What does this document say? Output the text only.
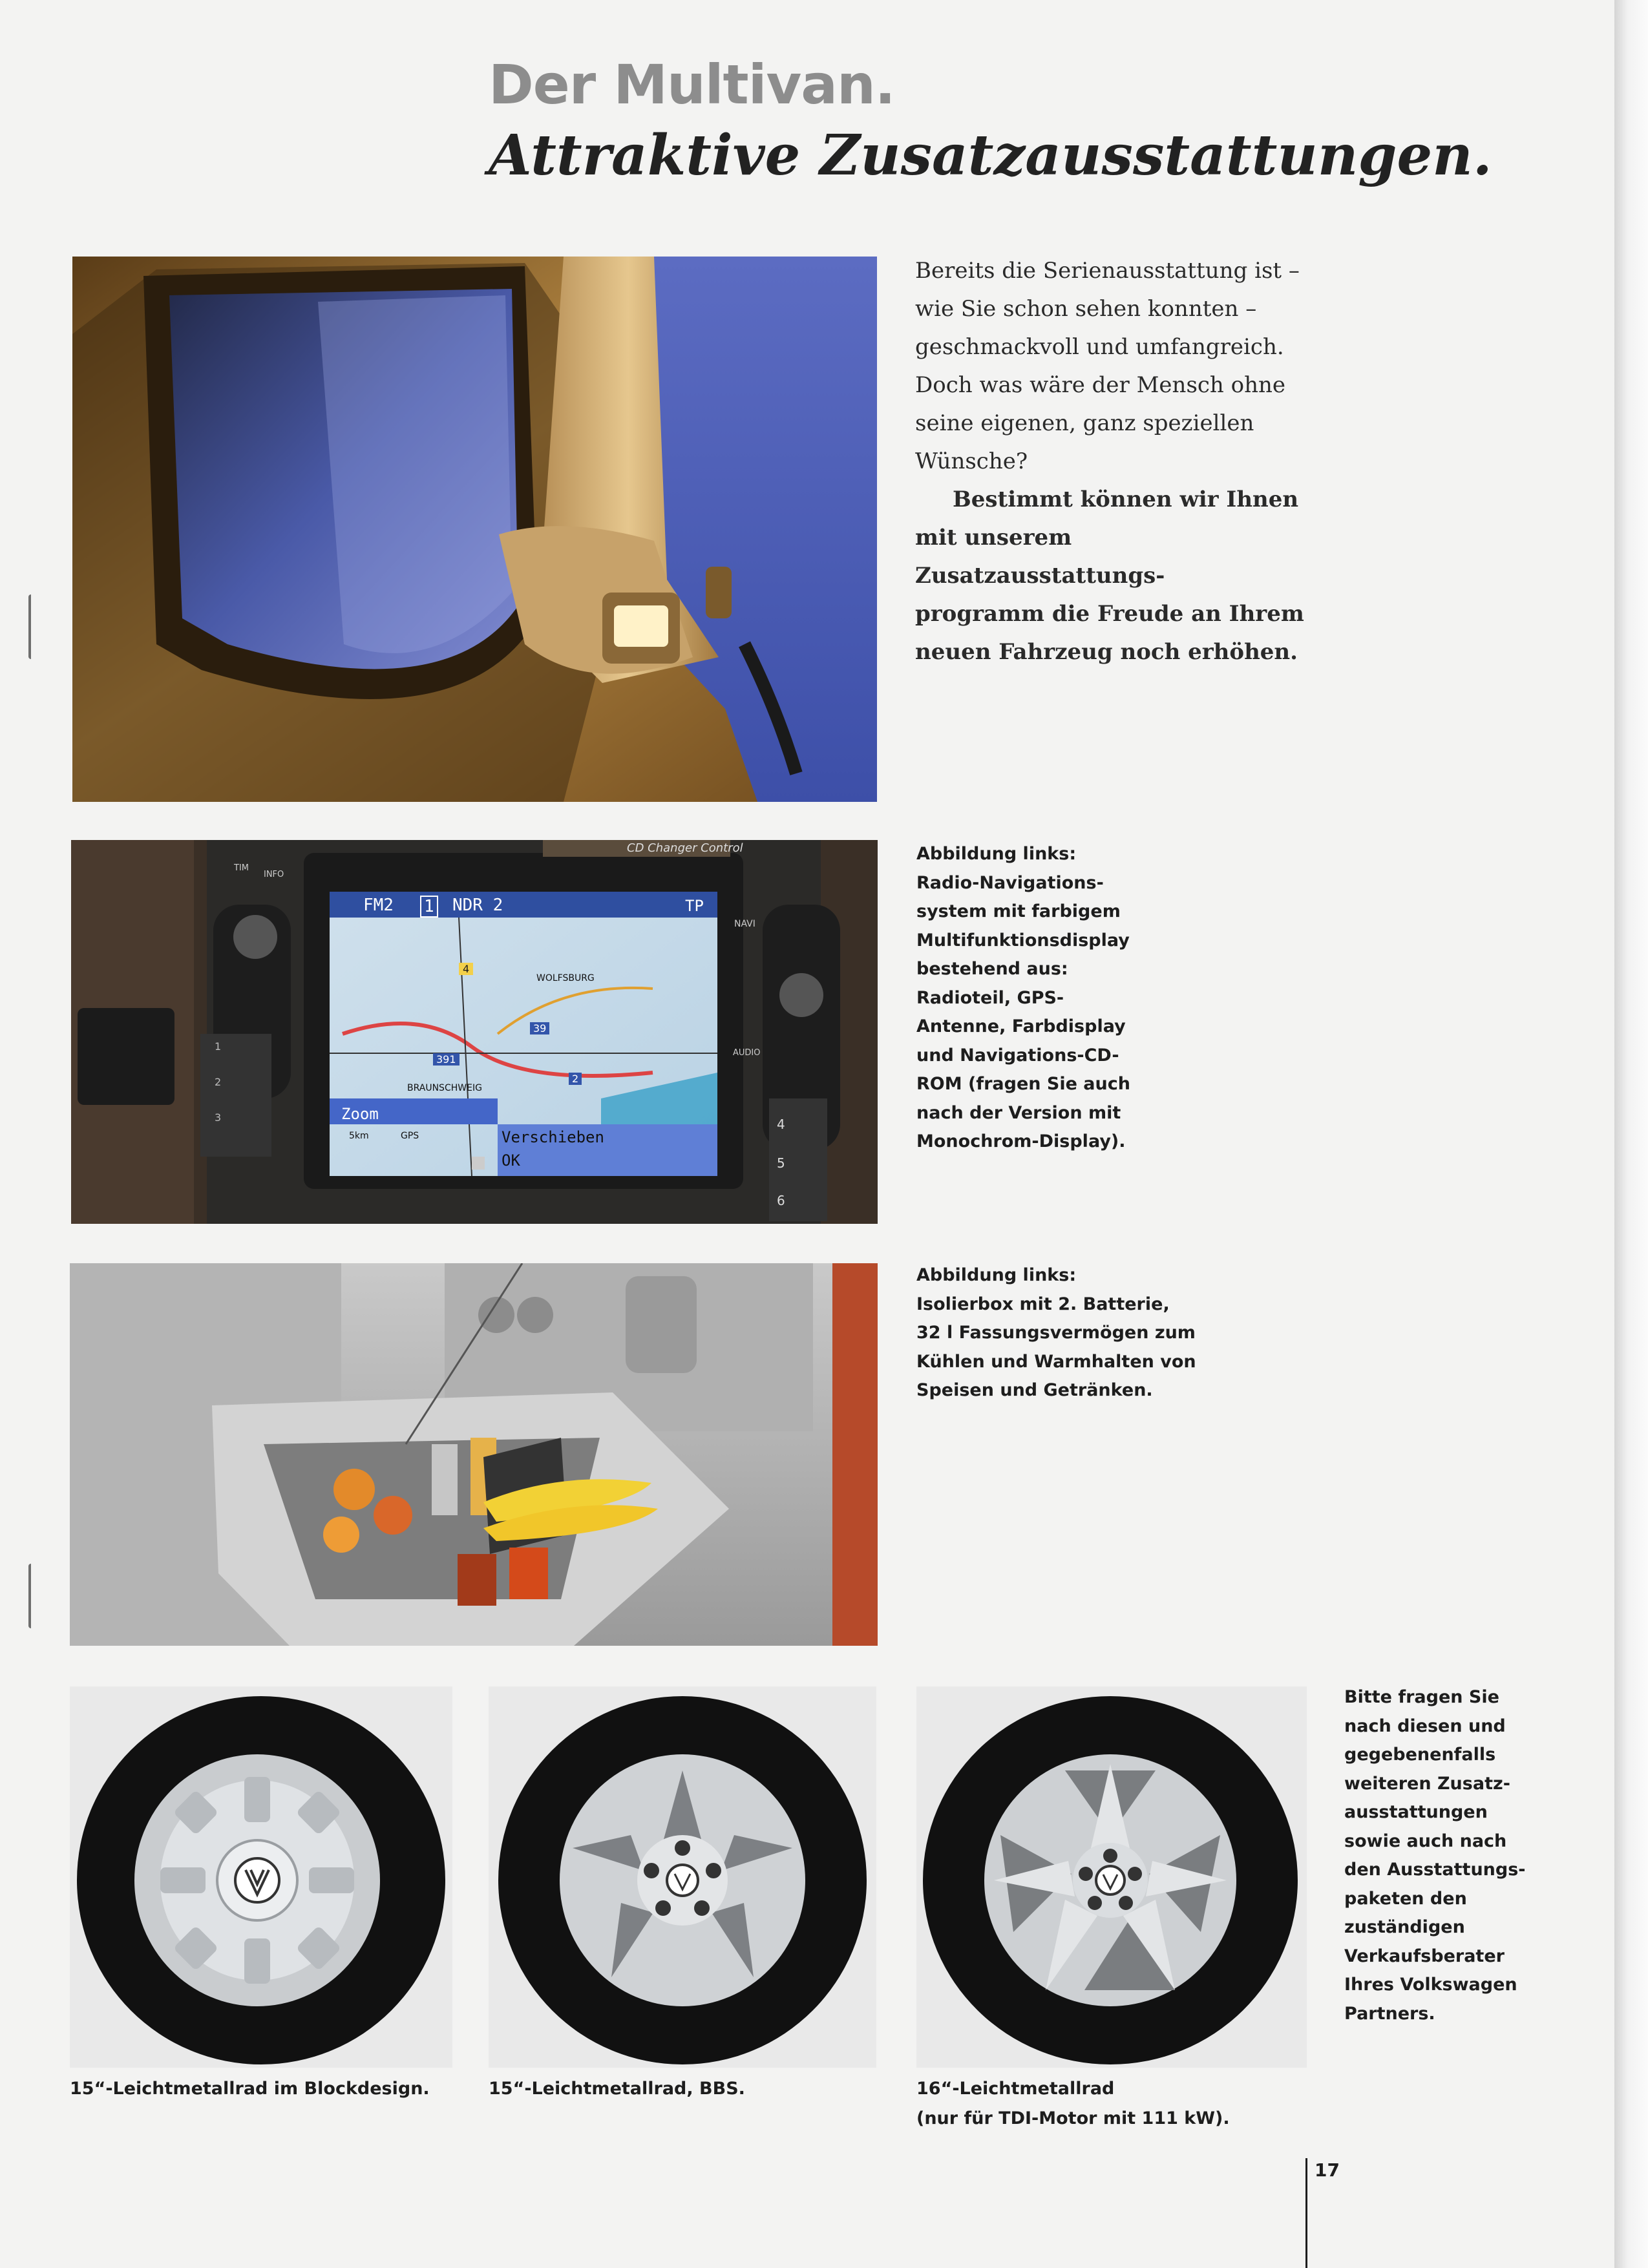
Der Multivan.
Attraktive Zusatzausstattungen.

Bereits die Serienausstattung ist –

wie Sie schon sehen konnten –

geschmackvoll und umfangreich.

Doch was wäre der Mensch ohne

seine eigenen, ganz speziellen

Wünsche?

Bestimmt können wir Ihnen

mit unserem Zusatzausstattungs-

programm die Freude an Ihrem

neuen Fahrzeug noch erhöhen.

FM2 1 NDR 2	TP
4
WOLFSBURG
39
391
2
BRAUNSCHWEIG
Zoom
5km	GPS	Verschieben
OK
CD Changer Control
TIM
INFO
NAVI
AUDIO
1
2
3	4
5
6

Abbildung links:

Radio-Navigations-

system mit farbigem

Multifunktionsdisplay

bestehend aus:

Radioteil, GPS-

Antenne, Farbdisplay

und Navigations-CD-

ROM (fragen Sie auch

nach der Version mit

Monochrom-Display).

Abbildung links:

Isolierbox mit 2. Batterie,

32 l Fassungsvermögen zum

Kühlen und Warmhalten von

Speisen und Getränken.

15“-Leichtmetallrad im Blockdesign.	15“-Leichtmetallrad, BBS.	16“-Leichtmetallrad

(nur für TDI-Motor mit 111 kW).

Bitte fragen Sie

nach diesen und

gegebenenfalls

weiteren Zusatz-

ausstattungen

sowie auch nach

den Ausstattungs-

paketen den

zuständigen

Verkaufsberater

Ihres Volkswagen

Partners.

17
